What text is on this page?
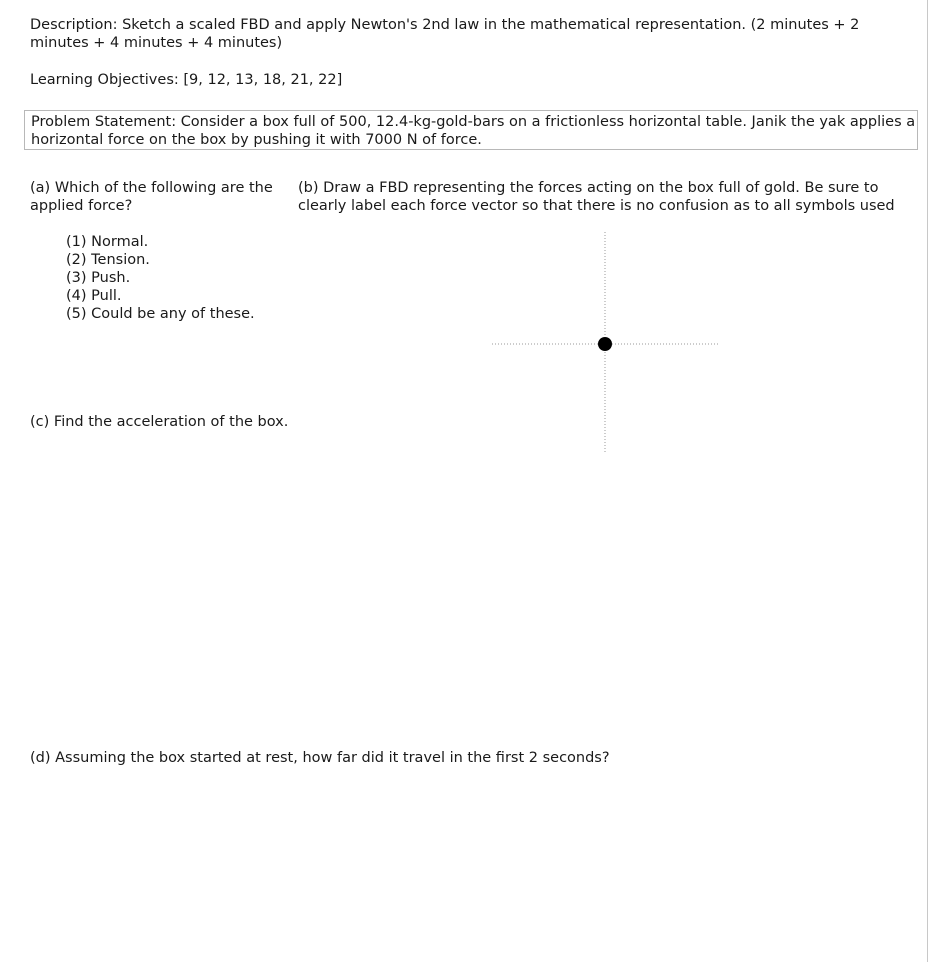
Description: Sketch a scaled FBD and apply Newton's 2nd law in the mathematical representation. (2 minutes + 2 minutes + 4 minutes + 4 minutes)
Learning Objectives: [9, 12, 13, 18, 21, 22]
Problem Statement: Consider a box full of 500, 12.4-kg-gold-bars on a frictionless horizontal table. Janik the yak applies a horizontal force on the box by pushing it with 7000 N of force.
(a) Which of the following are the applied force?
(1) Normal.
(2) Tension.
(3) Push.
(4) Pull.
(5) Could be any of these.
(b) Draw a FBD representing the forces acting on the box full of gold. Be sure to clearly label each force vector so that there is no confusion as to all symbols used
(c) Find the acceleration of the box.
(d) Assuming the box started at rest, how far did it travel in the first 2 seconds?
